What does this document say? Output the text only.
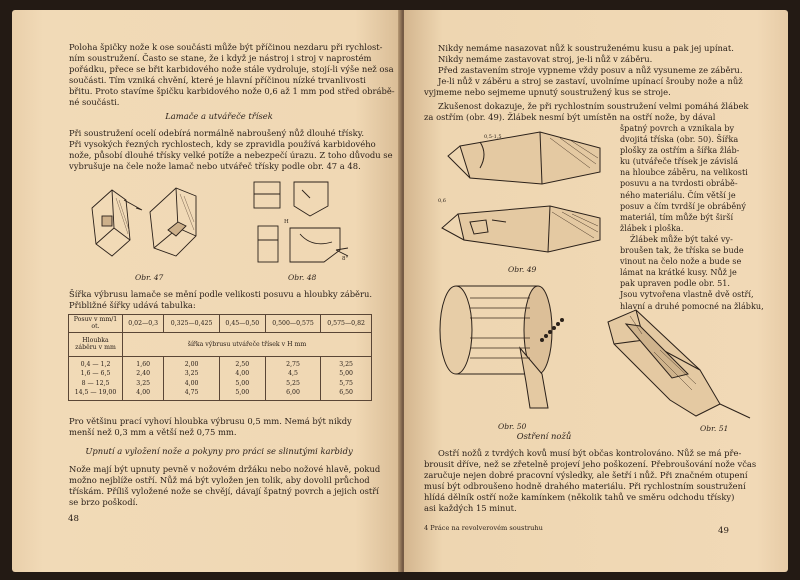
Poloha špičky nože k ose součásti může být příčinou nezdaru při rychlost-
ním soustružení. Často se stane, že i když je nástroj i stroj v naprostém
pořádku, přece se břit karbidového nože stále vydroluje, stojí-li výše než osa
součásti. Tím vzniká chvění, které je hlavní příčinou nízké trvanlivosti
břitu. Proto stavíme špičku karbidového nože 0,6 až 1 mm pod střed obrábě-
né součásti.
Lamače a utvářeče třísek
Při soustružení ocelí odebírá normálně nabroušený nůž dlouhé třísky.
Při vysokých řezných rychlostech, kdy se zpravidla používá karbidového
nože, působí dlouhé třísky velké potíže a nebezpečí úrazu. Z toho důvodu se
vybrušuje na čele nože lamač nebo utvářeč třísky podle obr. 47 a 48.
Obr. 47
H
8°
Obr. 48
Šířka výbrusu lamače se mění podle velikosti posuvu a hloubky záběru.
Přibližné šířky udává tabulka:
Posuv v mm/1 ot.	0,02—0,3	0,325—0,425	0,45—0,50	0,500—0,575	0,575—0,82
Hloubka záběru v mm	šířka výbrusu utvářeče třísek v H mm				
0,4 — 1,2	1,60	2,00	2,50	2,75	3,25
1,6 — 6,5	2,40	3,25	4,00	4,5	5,00
8 — 12,5	3,25	4,00	5,00	5,25	5,75
14,5 — 19,00	4,00	4,75	5,00	6,00	6,50
Pro většinu prací vyhoví hloubka výbrusu 0,5 mm. Nemá být nikdy
menší než 0,3 mm a větší než 0,75 mm.
Upnutí a vyložení nože a pokyny pro práci se slinutými karbidy
Nože mají být upnuty pevně v nožovém držáku nebo nožové hlavě, pokud
možno nejblíže ostří. Nůž má být vyložen jen tolik, aby dovolil průchod
třískám. Příliš vyložené nože se chvějí, dávají špatný povrch a jejich ostří
se brzo poškodí.
48
Nikdy nemáme nasazovat nůž k soustruženému kusu a pak jej upínat.
Nikdy nemáme zastavovat stroj, je-li nůž v záběru.
Před zastavením stroje vypneme vždy posuv a nůž vysuneme ze záběru.
Je-li nůž v záběru a stroj se zastaví, uvolníme upínací šrouby nože a nůž
vyjmeme nebo sejmeme upnutý soustružený kus se stroje.
Zkušenost dokazuje, že při rychlostním soustružení velmi pomáhá žlábek
za ostřím (obr. 49). Žlábek nesmí být umístěn na ostří nože, by dával
špatný povrch a vznikala by
dvojitá tříska (obr. 50). Šířka
plošky za ostřím a šířka žláb-
ku (utvářeče třísek je závislá
na hloubce záběru, na velikosti
posuvu a na tvrdosti obrábě-
ného materiálu. Čím větší je
posuv a čím tvrdší je obráběný
materiál, tím může být širší
žlábek i ploška.
Žlábek může být také vy-
broušen tak, že tříska se bude
vinout na čelo nože a bude se
lámat na krátké kusy. Nůž je
pak upraven podle obr. 51.
Jsou vytvořena vlastně dvě ostří,
hlavní a druhé pomocné na žlábku,
0,5-1,5
0,6
Obr. 49
Obr. 50	Obr. 51
Ostření nožů
Ostří nožů z tvrdých kovů musí být občas kontrolováno. Nůž se má pře-
brousit dříve, než se zřetelně projeví jeho poškození. Přebroušování nože včas
zaručuje nejen dobré pracovní výsledky, ale šetří i nůž. Při značném otupení
musí být odbroušeno hodně drahého materiálu. Při rychlostním soustružení
hlídá dělník ostří nože kamínkem (několik tahů ve směru odchodu třísky)
asi každých 15 minut.
4 Práce na revolverovém soustruhu	49
